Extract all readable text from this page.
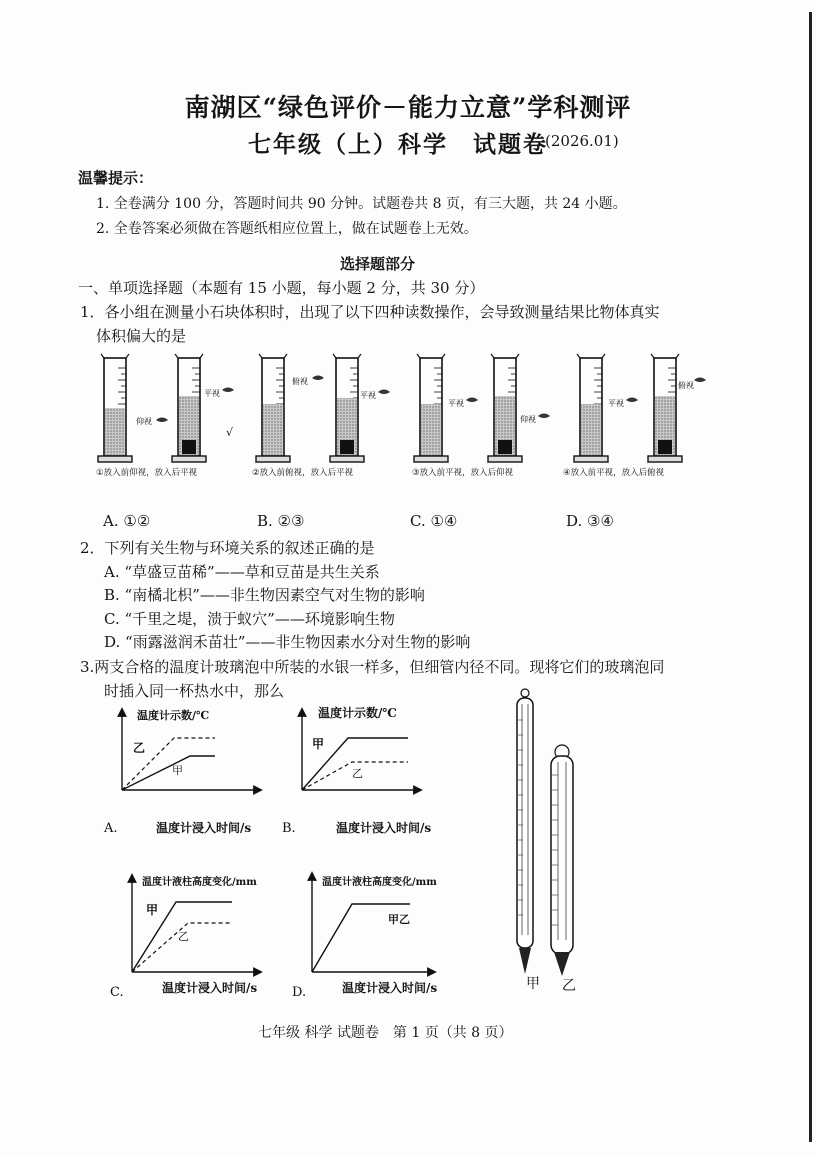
南湖区“绿色评价－能力立意”学科测评
七年级（上）科学　试题卷
(2026.01)
温馨提示：
1. 全卷满分 100 分，答题时间共 90 分钟。试题卷共 8 页，有三大题，共 24 小题。
2. 全卷答案必须做在答题纸相应位置上，做在试题卷上无效。
选择题部分
一、单项选择题（本题有 15 小题，每小题 2 分，共 30 分）
1．各小组在测量小石块体积时，出现了以下四种读数操作，会导致测量结果比物体真实
体积偏大的是
仰视
平视
√
俯视
平视
平视
仰视
平视
俯视
①放入前仰视，放入后平视	②放入前俯视，放入后平视	③放入前平视，放入后仰视	④放入前平视，放入后俯视
A. ①②	B. ②③	C. ①④	D. ③④
2．下列有关生物与环境关系的叙述正确的是
A. “草盛豆苗稀”——草和豆苗是共生关系
B. “南橘北枳”——非生物因素空气对生物的影响
C. “千里之堤，溃于蚁穴”——环境影响生物
D. “雨露滋润禾苗壮”——非生物因素水分对生物的影响
3.两支合格的温度计玻璃泡中所装的水银一样多，但细管内径不同。现将它们的玻璃泡同
时插入同一杯热水中，那么
温度计示数/℃
乙
甲
A.	温度计浸入时间/s
温度计示数/℃
甲
乙
B.	温度计浸入时间/s
温度计液柱高度变化/mm
甲
乙
C.	温度计浸入时间/s
温度计液柱高度变化/mm
甲乙
D.	温度计浸入时间/s	甲 乙
七年级 科学 试题卷　第 1 页（共 8 页）
